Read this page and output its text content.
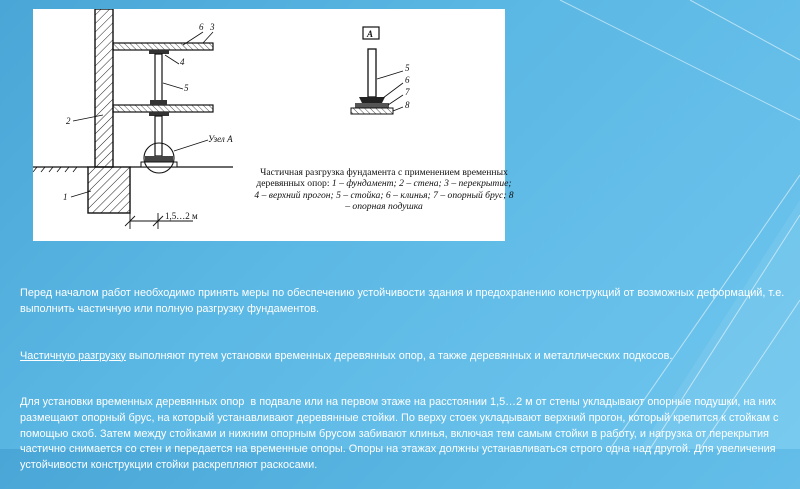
6 3
4
5
2
1
Узел А
1,5…2 м
А
5
6
7
8
Частичная разгрузка фундамента с применением временных деревянных опор: 1 – фундамент; 2 – стена; 3 – перекрытие; 4 – верхний прогон; 5 – стойка; 6 – клинья; 7 – опорный брус; 8 – опорная подушка

Перед началом работ необходимо принять меры по обеспечению устойчивости здания и предохранению конструкций от возможных деформаций, т.е. выполнить частичную или полную разгрузку фундаментов.

Частичную разгрузку выполняют путем установки временных деревянных опор, а также деревянных и металлических подкосов.

Для установки временных деревянных опор  в подвале или на первом этаже на расстоянии 1,5…2 м от стены укладывают опорные подушки, на них размещают опорный брус, на который устанавливают деревянные стойки. По верху стоек укладывают верхний прогон, который крепится к стойкам с помощью скоб. Затем между стойками и нижним опорным брусом забивают клинья, включая тем самым стойки в работу, и нагрузка от перекрытия частично снимается со стен и передается на временные опоры. Опоры на этажах должны устанавливаться строго одна над другой. Для увеличения устойчивости конструкции стойки раскрепляют раскосами.
